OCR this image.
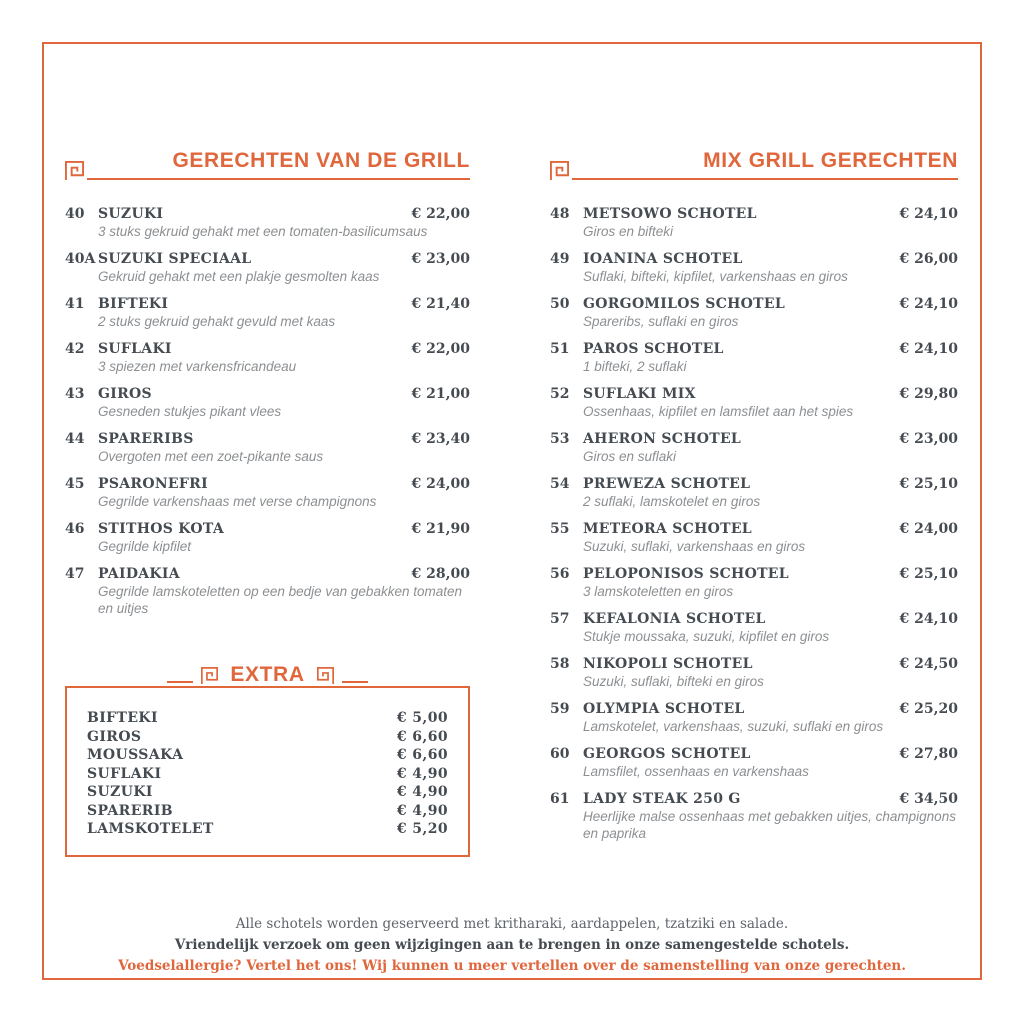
GERECHTEN VAN DE GRILL
40 SUZUKI	€ 22,00
3 stuks gekruid gehakt met een tomaten-basilicumsaus
40A SUZUKI SPECIAAL	€ 23,00
Gekruid gehakt met een plakje gesmolten kaas
41 BIFTEKI	€ 21,40
2 stuks gekruid gehakt gevuld met kaas
42 SUFLAKI	€ 22,00
3 spiezen met varkensfricandeau
43 GIROS	€ 21,00
Gesneden stukjes pikant vlees
44 SPARERIBS	€ 23,40
Overgoten met een zoet-pikante saus
45 PSARONEFRI	€ 24,00
Gegrilde varkenshaas met verse champignons
46 STITHOS KOTA	€ 21,90
Gegrilde kipfilet
47 PAIDAKIA	€ 28,00
Gegrilde lamskoteletten op een bedje van gebakken tomaten en uitjes
MIX GRILL GERECHTEN
48 METSOWO SCHOTEL	€ 24,10
Giros en bifteki
49 IOANINA SCHOTEL	€ 26,00
Suflaki, bifteki, kipfilet, varkenshaas en giros
50 GORGOMILOS SCHOTEL	€ 24,10
Spareribs, suflaki en giros
51 PAROS SCHOTEL	€ 24,10
1 bifteki, 2 suflaki
52 SUFLAKI MIX	€ 29,80
Ossenhaas, kipfilet en lamsfilet aan het spies
53 AHERON SCHOTEL	€ 23,00
Giros en suflaki
54 PREWEZA SCHOTEL	€ 25,10
2 suflaki, lamskotelet en giros
55 METEORA SCHOTEL	€ 24,00
Suzuki, suflaki, varkenshaas en giros
56 PELOPONISOS SCHOTEL	€ 25,10
3 lamskoteletten en giros
57 KEFALONIA SCHOTEL	€ 24,10
Stukje moussaka, suzuki, kipfilet en giros
58 NIKOPOLI SCHOTEL	€ 24,50
Suzuki, suflaki, bifteki en giros
59 OLYMPIA SCHOTEL	€ 25,20
Lamskotelet, varkenshaas, suzuki, suflaki en giros
60 GEORGOS SCHOTEL	€ 27,80
Lamsfilet, ossenhaas en varkenshaas
61 LADY STEAK 250 G	€ 34,50
Heerlijke malse ossenhaas met gebakken uitjes, champignons en paprika
EXTRA
BIFTEKI	€ 5,00
GIROS	€ 6,60
MOUSSAKA	€ 6,60
SUFLAKI	€ 4,90
SUZUKI	€ 4,90
SPARERIB	€ 4,90
LAMSKOTELET	€ 5,20
Alle schotels worden geserveerd met kritharaki, aardappelen, tzatziki en salade.
Vriendelijk verzoek om geen wijzigingen aan te brengen in onze samengestelde schotels.
Voedselallergie? Vertel het ons! Wij kunnen u meer vertellen over de samenstelling van onze gerechten.
